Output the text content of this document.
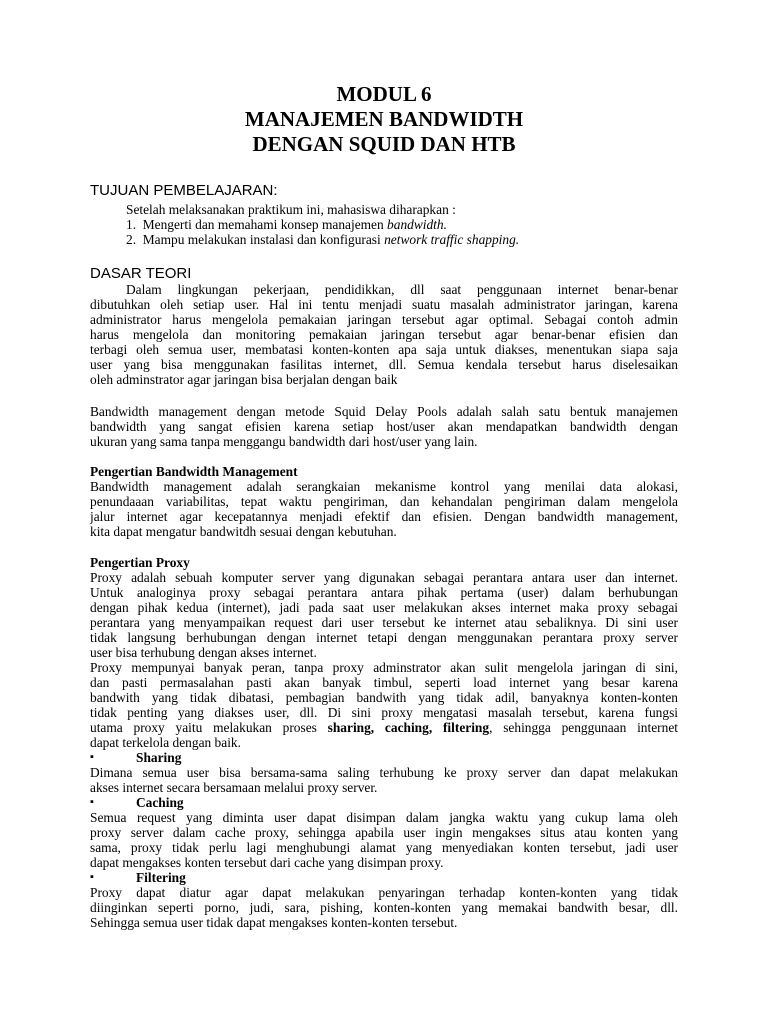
MODUL 6
MANAJEMEN BANDWIDTH
DENGAN SQUID DAN HTB
TUJUAN PEMBELAJARAN:
Setelah melaksanakan praktikum ini, mahasiswa diharapkan :
1.  Mengerti dan memahami konsep manajemen bandwidth.
2.  Mampu melakukan instalasi dan konfigurasi network traffic shapping.
DASAR TEORI
Dalam lingkungan pekerjaan, pendidikkan, dll saat penggunaan internet benar-benar
dibutuhkan oleh setiap user. Hal ini tentu menjadi suatu masalah administrator jaringan, karena
administrator harus mengelola pemakaian jaringan tersebut agar optimal. Sebagai contoh admin
harus mengelola dan monitoring pemakaian jaringan tersebut agar benar-benar efisien dan
terbagi oleh semua user, membatasi konten-konten apa saja untuk diakses, menentukan siapa saja
user yang bisa menggunakan fasilitas internet, dll. Semua kendala tersebut harus diselesaikan
oleh adminstrator agar jaringan bisa berjalan dengan baik
Bandwidth management dengan metode Squid Delay Pools adalah salah satu bentuk manajemen
bandwidth yang sangat efisien karena setiap host/user akan mendapatkan bandwidth dengan
ukuran yang sama tanpa menggangu bandwidth dari host/user yang lain.
Pengertian Bandwidth Management
Bandwidth management adalah serangkaian mekanisme kontrol yang menilai data alokasi,
penundaaan variabilitas, tepat waktu pengiriman, dan kehandalan pengiriman dalam mengelola
jalur internet agar kecepatannya menjadi efektif dan efisien. Dengan bandwidth management,
kita dapat mengatur bandwitdh sesuai dengan kebutuhan.
Pengertian Proxy
Proxy adalah sebuah komputer server yang digunakan sebagai perantara antara user dan internet.
Untuk analoginya proxy sebagai perantara antara pihak pertama (user) dalam berhubungan
dengan pihak kedua (internet), jadi pada saat user melakukan akses internet maka proxy sebagai
perantara yang menyampaikan request dari user tersebut ke internet atau sebaliknya. Di sini user
tidak langsung berhubungan dengan internet tetapi dengan menggunakan perantara proxy server
user bisa terhubung dengan akses internet.
Proxy mempunyai banyak peran, tanpa proxy adminstrator akan sulit mengelola jaringan di sini,
dan pasti permasalahan pasti akan banyak timbul, seperti load internet yang besar karena
bandwith yang tidak dibatasi, pembagian bandwith yang tidak adil, banyaknya konten-konten
tidak penting yang diakses user, dll. Di sini proxy mengatasi masalah tersebut, karena fungsi
utama proxy yaitu melakukan proses sharing, caching, filtering, sehingga penggunaan internet
dapat terkelola dengan baik.
▪	Sharing
Dimana semua user bisa bersama-sama saling terhubung ke proxy server dan dapat melakukan
akses internet secara bersamaan melalui proxy server.
▪	Caching
Semua request yang diminta user dapat disimpan dalam jangka waktu yang cukup lama oleh
proxy server dalam cache proxy, sehingga apabila user ingin mengakses situs atau konten yang
sama, proxy tidak perlu lagi menghubungi alamat yang menyediakan konten tersebut, jadi user
dapat mengakses konten tersebut dari cache yang disimpan proxy.
▪	Filtering
Proxy dapat diatur agar dapat melakukan penyaringan terhadap konten-konten yang tidak
diinginkan seperti porno, judi, sara, pishing, konten-konten yang memakai bandwith besar, dll.
Sehingga semua user tidak dapat mengakses konten-konten tersebut.
